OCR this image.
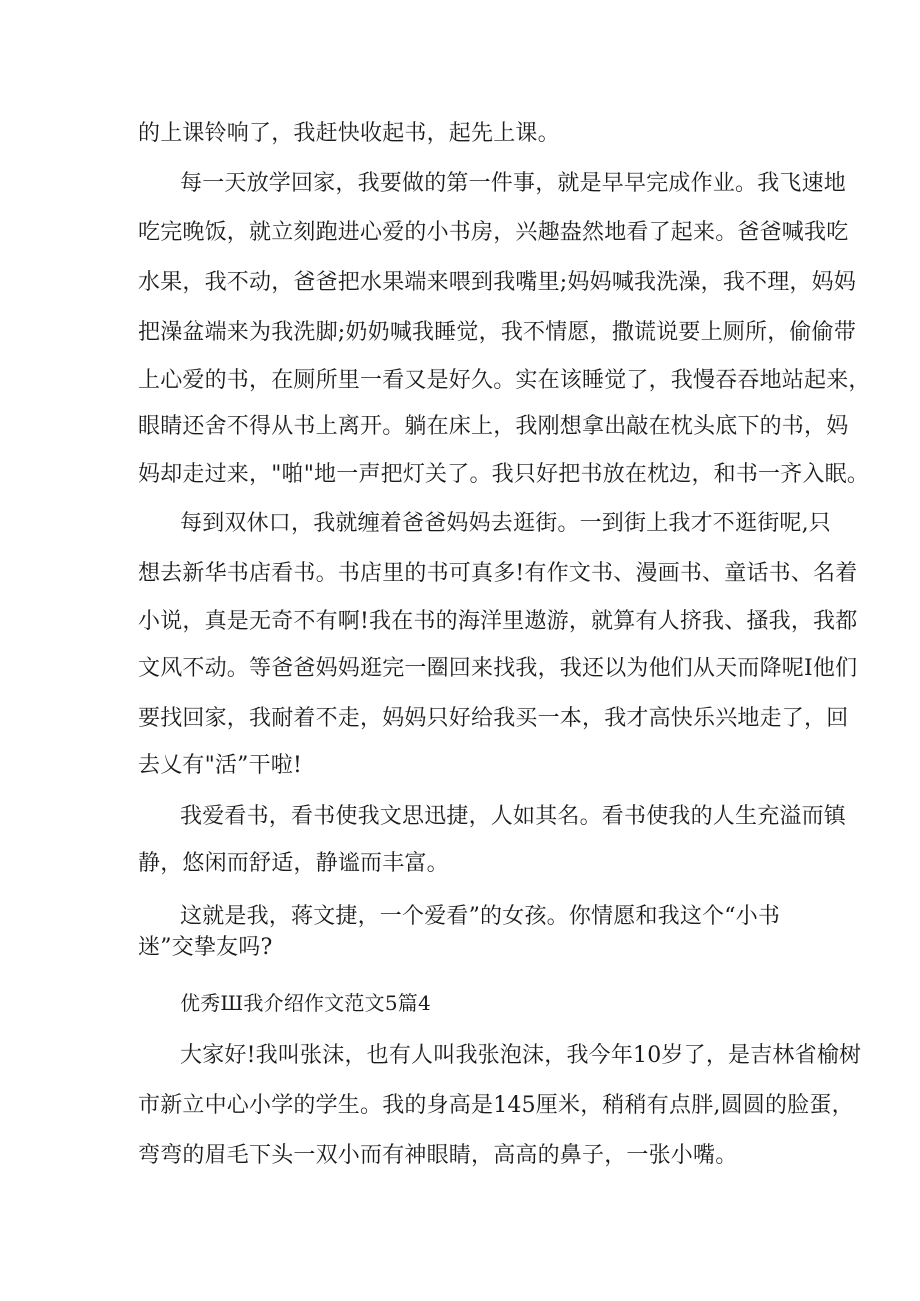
的上课铃响了，我赶快收起书，起先上课。

每一天放学回家，我要做的第一件事，就是早早完成作业。我飞速地

吃完晚饭，就立刻跑进心爱的小书房，兴趣盎然地看了起来。爸爸喊我吃

水果，我不动，爸爸把水果端来喂到我嘴里;妈妈喊我洗澡，我不理，妈妈

把澡盆端来为我洗脚;奶奶喊我睡觉，我不情愿，撒谎说要上厕所，偷偷带

上心爱的书，在厕所里一看又是好久。实在该睡觉了，我慢吞吞地站起来，

眼睛还舍不得从书上离开。躺在床上，我刚想拿出敲在枕头底下的书，妈

妈却走过来，"啪"地一声把灯关了。我只好把书放在枕边，和书一齐入眠。

每到双休口，我就缠着爸爸妈妈去逛街。一到街上我才不逛街呢,只

想去新华书店看书。书店里的书可真多!有作文书、漫画书、童话书、名着

小说，真是无奇不有啊!我在书的海洋里遨游，就算有人挤我、搔我，我都

文风不动。等爸爸妈妈逛完一圈回来找我，我还以为他们从天而降呢I他们

要找回家，我耐着不走，妈妈只好给我买一本，我才高快乐兴地走了，回

去乂有"活”干啦!

我爱看书，看书使我文思迅捷，人如其名。看书使我的人生充溢而镇

静，悠闲而舒适，静谧而丰富。

这就是我，蒋文捷，一个爱看”的女孩。你情愿和我这个“小书

迷”交挚友吗?

优秀Ш我介绍作文范文5篇4

大家好!我叫张沫，也有人叫我张泡沫，我今年10岁了，是吉林省榆树

市新立中心小学的学生。我的身高是145厘米，稍稍有点胖,圆圆的脸蛋，

弯弯的眉毛下头一双小而有神眼睛，高高的鼻子，一张小嘴。
